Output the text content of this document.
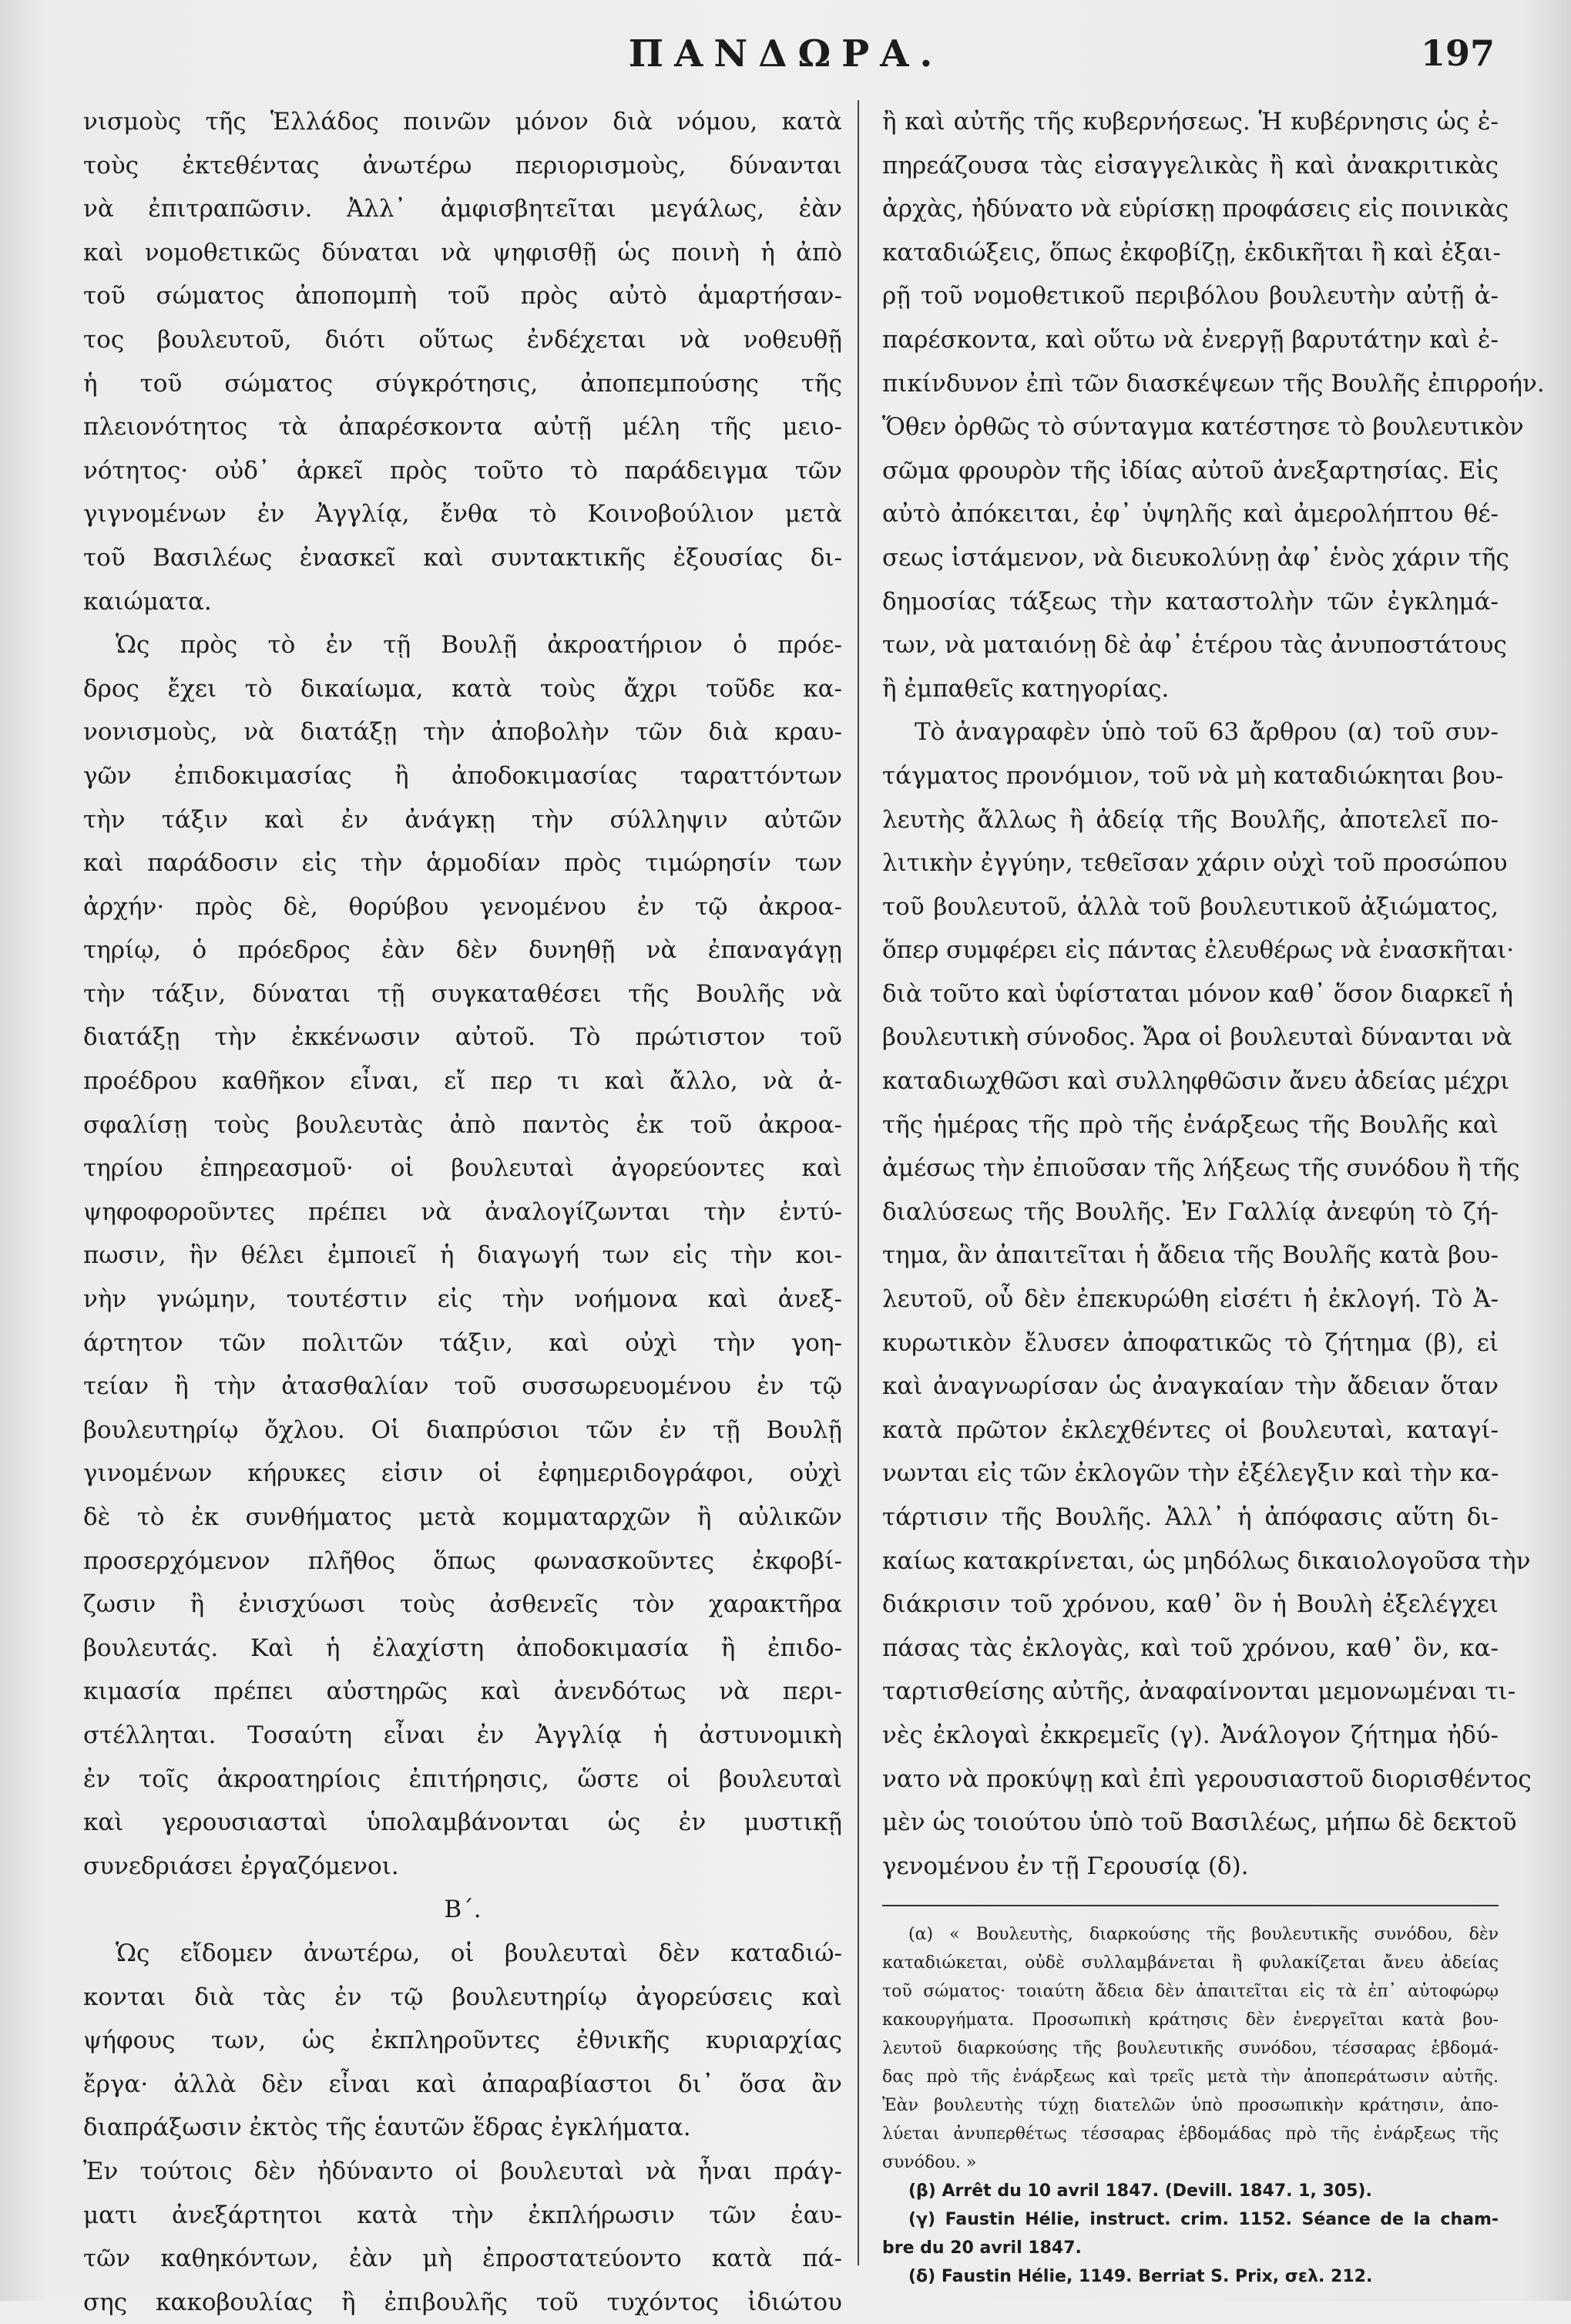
ΠΑΝΔΩΡΑ.	197
νισμοὺς τῆς Ἑλλάδος ποινῶν μόνον διὰ νόμου, κατὰ
τοὺς ἐκτεθέντας ἀνωτέρω περιορισμοὺς, δύνανται
νὰ ἐπιτραπῶσιν. Ἀλλ᾽ ἀμφισβητεῖται μεγάλως, ἐὰν
καὶ νομοθετικῶς δύναται νὰ ψηφισθῇ ὡς ποινὴ ἡ ἀπὸ
τοῦ σώματος ἀποπομπὴ τοῦ πρὸς αὐτὸ ἁμαρτήσαν-
τος βουλευτοῦ, διότι οὕτως ἐνδέχεται νὰ νοθευθῇ
ἡ τοῦ σώματος σύγκρότησις, ἀποπεμπούσης τῆς
πλειονότητος τὰ ἀπαρέσκοντα αὐτῇ μέλη τῆς μειο-
νότητος· οὐδ᾽ ἀρκεῖ πρὸς τοῦτο τὸ παράδειγμα τῶν
γιγνομένων ἐν Ἀγγλίᾳ, ἔνθα τὸ Κοινοβούλιον μετὰ
τοῦ Βασιλέως ἐνασκεῖ καὶ συντακτικῆς ἐξουσίας δι-
καιώματα.
Ὡς πρὸς τὸ ἐν τῇ Βουλῇ ἀκροατήριον ὁ πρόε-
δρος ἔχει τὸ δικαίωμα, κατὰ τοὺς ἄχρι τοῦδε κα-
νονισμοὺς, νὰ διατάξῃ τὴν ἀποβολὴν τῶν διὰ κραυ-
γῶν ἐπιδοκιμασίας ἢ ἀποδοκιμασίας ταραττόντων
τὴν τάξιν καὶ ἐν ἀνάγκῃ τὴν σύλληψιν αὐτῶν
καὶ παράδοσιν εἰς τὴν ἁρμοδίαν πρὸς τιμώρησίν των
ἀρχήν· πρὸς δὲ, θορύβου γενομένου ἐν τῷ ἀκροα-
τηρίῳ, ὁ πρόεδρος ἐὰν δὲν δυνηθῇ νὰ ἐπαναγάγῃ
τὴν τάξιν, δύναται τῇ συγκαταθέσει τῆς Βουλῆς νὰ
διατάξῃ τὴν ἐκκένωσιν αὐτοῦ. Τὸ πρώτιστον τοῦ
προέδρου καθῆκον εἶναι, εἴ περ τι καὶ ἄλλο, νὰ ἀ-
σφαλίσῃ τοὺς βουλευτὰς ἀπὸ παντὸς ἐκ τοῦ ἀκροα-
τηρίου ἐπηρεασμοῦ· οἱ βουλευταὶ ἀγορεύοντες καὶ
ψηφοφοροῦντες πρέπει νὰ ἀναλογίζωνται τὴν ἐντύ-
πωσιν, ἣν θέλει ἐμποιεῖ ἡ διαγωγή των εἰς τὴν κοι-
νὴν γνώμην, τουτέστιν εἰς τὴν νοήμονα καὶ ἀνεξ-
άρτητον τῶν πολιτῶν τάξιν, καὶ οὐχὶ τὴν γοη-
τείαν ἢ τὴν ἀτασθαλίαν τοῦ συσσωρευομένου ἐν τῷ
βουλευτηρίῳ ὄχλου. Οἱ διαπρύσιοι τῶν ἐν τῇ Βουλῇ
γινομένων κήρυκες εἰσιν οἱ ἐφημεριδογράφοι, οὐχὶ
δὲ τὸ ἐκ συνθήματος μετὰ κομματαρχῶν ἢ αὐλικῶν
προσερχόμενον πλῆθος ὅπως φωνασκοῦντες ἐκφοβί-
ζωσιν ἢ ἐνισχύωσι τοὺς ἀσθενεῖς τὸν χαρακτῆρα
βουλευτάς. Καὶ ἡ ἐλαχίστη ἀποδοκιμασία ἢ ἐπιδο-
κιμασία πρέπει αὐστηρῶς καὶ ἀνενδότως νὰ περι-
στέλληται. Τοσαύτη εἶναι ἐν Ἀγγλίᾳ ἡ ἀστυνομικὴ
ἐν τοῖς ἀκροατηρίοις ἐπιτήρησις, ὥστε οἱ βουλευταὶ
καὶ γερουσιασταὶ ὑπολαμβάνονται ὡς ἐν μυστικῇ
συνεδριάσει ἐργαζόμενοι.
Β΄.
Ὡς εἴδομεν ἀνωτέρω, οἱ βουλευταὶ δὲν καταδιώ-
κονται διὰ τὰς ἐν τῷ βουλευτηρίῳ ἀγορεύσεις καὶ
ψήφους των, ὡς ἐκπληροῦντες ἐθνικῆς κυριαρχίας
ἔργα· ἀλλὰ δὲν εἶναι καὶ ἀπαραβίαστοι δι᾽ ὅσα ἂν
διαπράξωσιν ἐκτὸς τῆς ἑαυτῶν ἕδρας ἐγκλήματα.
Ἐν τούτοις δὲν ἠδύναντο οἱ βουλευταὶ νὰ ἦναι πράγ-
ματι ἀνεξάρτητοι κατὰ τὴν ἐκπλήρωσιν τῶν ἑαυ-
τῶν καθηκόντων, ἐὰν μὴ ἐπροστατεύοντο κατὰ πά-
σης κακοβουλίας ἢ ἐπιβουλῆς τοῦ τυχόντος ἰδιώτου
ἢ καὶ αὐτῆς τῆς κυβερνήσεως. Ἡ κυβέρνησις ὡς ἐ-
πηρεάζουσα τὰς εἰσαγγελικὰς ἢ καὶ ἀνακριτικὰς
ἀρχὰς, ἠδύνατο νὰ εὑρίσκῃ προφάσεις εἰς ποινικὰς
καταδιώξεις, ὅπως ἐκφοβίζῃ, ἐκδικῆται ἢ καὶ ἐξαι-
ρῇ τοῦ νομοθετικοῦ περιβόλου βουλευτὴν αὐτῇ ἀ-
παρέσκοντα, καὶ οὕτω νὰ ἐνεργῇ βαρυτάτην καὶ ἐ-
πικίνδυνον ἐπὶ τῶν διασκέψεων τῆς Βουλῆς ἐπιρροήν.
Ὅθεν ὀρθῶς τὸ σύνταγμα κατέστησε τὸ βουλευτικὸν
σῶμα φρουρὸν τῆς ἰδίας αὐτοῦ ἀνεξαρτησίας. Εἰς
αὐτὸ ἀπόκειται, ἐφ᾽ ὑψηλῆς καὶ ἀμερολήπτου θέ-
σεως ἱστάμενον, νὰ διευκολύνῃ ἀφ᾽ ἑνὸς χάριν τῆς
δημοσίας τάξεως τὴν καταστολὴν τῶν ἐγκλημά-
των, νὰ ματαιόνῃ δὲ ἀφ᾽ ἑτέρου τὰς ἀνυποστάτους
ἢ ἐμπαθεῖς κατηγορίας.
Τὸ ἀναγραφὲν ὑπὸ τοῦ 63 ἄρθρου (α) τοῦ συν-
τάγματος προνόμιον, τοῦ νὰ μὴ καταδιώκηται βου-
λευτὴς ἄλλως ἢ ἀδείᾳ τῆς Βουλῆς, ἀποτελεῖ πο-
λιτικὴν ἐγγύην, τεθεῖσαν χάριν οὐχὶ τοῦ προσώπου
τοῦ βουλευτοῦ, ἀλλὰ τοῦ βουλευτικοῦ ἀξιώματος,
ὅπερ συμφέρει εἰς πάντας ἐλευθέρως νὰ ἐνασκῆται·
διὰ τοῦτο καὶ ὑφίσταται μόνον καθ᾽ ὅσον διαρκεῖ ἡ
βουλευτικὴ σύνοδος. Ἄρα οἱ βουλευταὶ δύνανται νὰ
καταδιωχθῶσι καὶ συλληφθῶσιν ἄνευ ἀδείας μέχρι
τῆς ἡμέρας τῆς πρὸ τῆς ἐνάρξεως τῆς Βουλῆς καὶ
ἀμέσως τὴν ἐπιοῦσαν τῆς λήξεως τῆς συνόδου ἢ τῆς
διαλύσεως τῆς Βουλῆς. Ἐν Γαλλίᾳ ἀνεφύη τὸ ζή-
τημα, ἂν ἀπαιτεῖται ἡ ἄδεια τῆς Βουλῆς κατὰ βου-
λευτοῦ, οὗ δὲν ἐπεκυρώθη εἰσέτι ἡ ἐκλογή. Τὸ Ἀ-
κυρωτικὸν ἔλυσεν ἀποφατικῶς τὸ ζήτημα (β), εἰ
καὶ ἀναγνωρίσαν ὡς ἀναγκαίαν τὴν ἄδειαν ὅταν
κατὰ πρῶτον ἐκλεχθέντες οἱ βουλευταὶ, καταγί-
νωνται εἰς τῶν ἐκλογῶν τὴν ἐξέλεγξιν καὶ τὴν κα-
τάρτισιν τῆς Βουλῆς. Ἀλλ᾽ ἡ ἀπόφασις αὕτη δι-
καίως κατακρίνεται, ὡς μηδόλως δικαιολογοῦσα τὴν
διάκρισιν τοῦ χρόνου, καθ᾽ ὃν ἡ Βουλὴ ἐξελέγχει
πάσας τὰς ἐκλογὰς, καὶ τοῦ χρόνου, καθ᾽ ὃν, κα-
ταρτισθείσης αὐτῆς, ἀναφαίνονται μεμονωμέναι τι-
νὲς ἐκλογαὶ ἐκκρεμεῖς (γ). Ἀνάλογον ζήτημα ἠδύ-
νατο νὰ προκύψῃ καὶ ἐπὶ γερουσιαστοῦ διορισθέντος
μὲν ὡς τοιούτου ὑπὸ τοῦ Βασιλέως, μήπω δὲ δεκτοῦ
γενομένου ἐν τῇ Γερουσίᾳ (δ).
(α) « Βουλευτὴς, διαρκούσης τῆς βουλευτικῆς συνόδου, δὲν
καταδιώκεται, οὐδὲ συλλαμβάνεται ἢ φυλακίζεται ἄνευ ἀδείας
τοῦ σώματος· τοιαύτη ἄδεια δὲν ἀπαιτεῖται εἰς τὰ ἐπ᾽ αὐτοφώρῳ
κακουργήματα. Προσωπικὴ κράτησις δὲν ἐνεργεῖται κατὰ βου-
λευτοῦ διαρκούσης τῆς βουλευτικῆς συνόδου, τέσσαρας ἑβδομά-
δας πρὸ τῆς ἐνάρξεως καὶ τρεῖς μετὰ τὴν ἀποπεράτωσιν αὐτῆς.
Ἐὰν βουλευτὴς τύχῃ διατελῶν ὑπὸ προσωπικὴν κράτησιν, ἀπο-
λύεται ἀνυπερθέτως τέσσαρας ἑβδομάδας πρὸ τῆς ἐνάρξεως τῆς
συνόδου. »
(β) Arrêt du 10 avril 1847. (Devill. 1847. 1, 305).
(γ) Faustin Hélie, instruct. crim. 1152. Séance de la cham-
bre du 20 avril 1847.
(δ) Faustin Hélie, 1149. Berriat S. Prix, σελ. 212.
